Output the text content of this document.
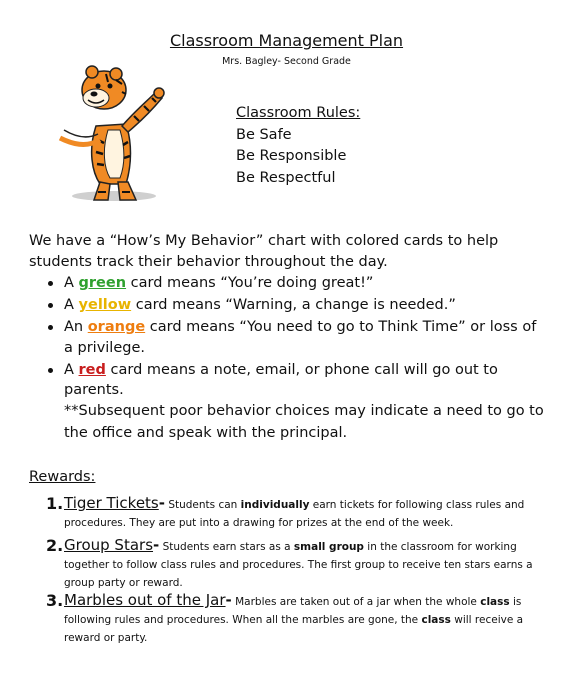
Classroom Management Plan
Mrs. Bagley- Second Grade
Classroom Rules:
Be Safe
Be Responsible
Be Respectful
We have a “How’s My Behavior” chart with colored cards to help students track their behavior throughout the day.
A green card means “You’re doing great!”
A yellow card means “Warning, a change is needed.”
An orange card means “You need to go to Think Time” or loss of a privilege.
A red card means a note, email, or phone call will go out to parents.
**Subsequent poor behavior choices may indicate a need to go to the office and speak with the principal.
Rewards:
1. Tiger Tickets- Students can individually earn tickets for following class rules and procedures. They are put into a drawing for prizes at the end of the week.
2. Group Stars- Students earn stars as a small group in the classroom for working together to follow class rules and procedures. The first group to receive ten stars earns a group party or reward.
3. Marbles out of the Jar- Marbles are taken out of a jar when the whole class is following rules and procedures. When all the marbles are gone, the class will receive a reward or party.
